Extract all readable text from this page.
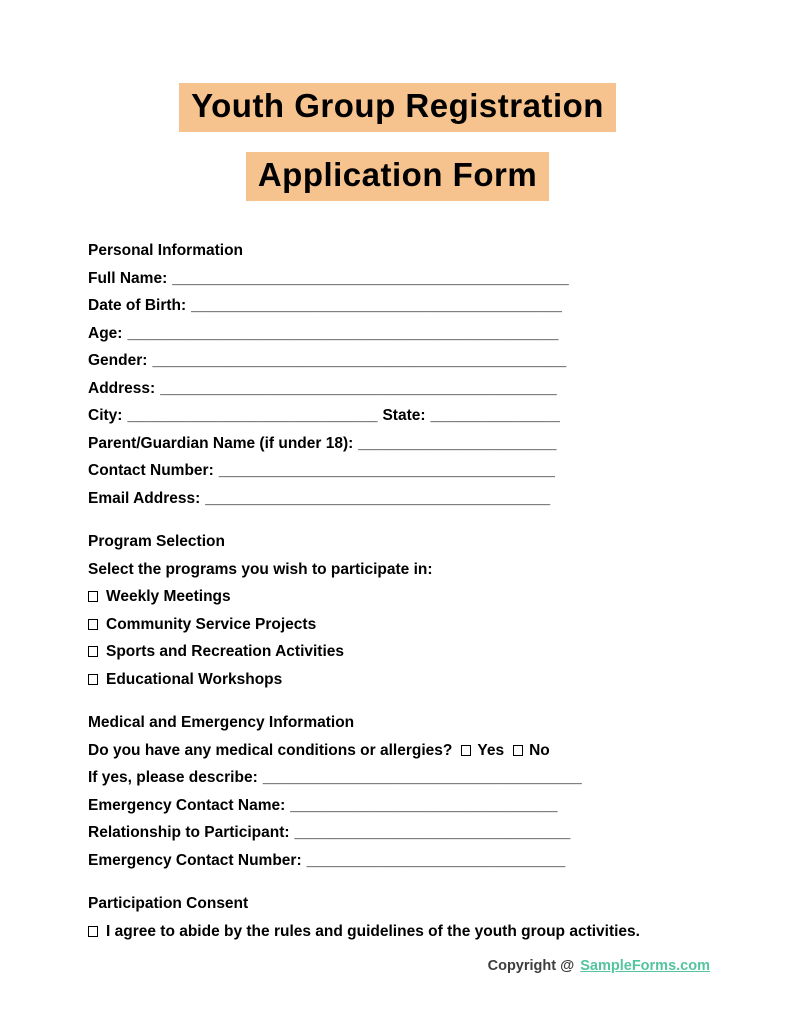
Youth Group Registration
Application Form
Personal Information
Full Name: ______________________________________________
Date of Birth: ___________________________________________
Age: __________________________________________________
Gender: ________________________________________________
Address: ______________________________________________
City: _____________________________ State: _______________
Parent/Guardian Name (if under 18): _______________________
Contact Number: _______________________________________
Email Address: ________________________________________
Program Selection
Select the programs you wish to participate in:
Weekly Meetings
Community Service Projects
Sports and Recreation Activities
Educational Workshops
Medical and Emergency Information
Do you have any medical conditions or allergies? Yes No
If yes, please describe: _____________________________________
Emergency Contact Name: _______________________________
Relationship to Participant: ________________________________
Emergency Contact Number: ______________________________
Participation Consent
I agree to abide by the rules and guidelines of the youth group activities.
Copyright @ SampleForms.com
